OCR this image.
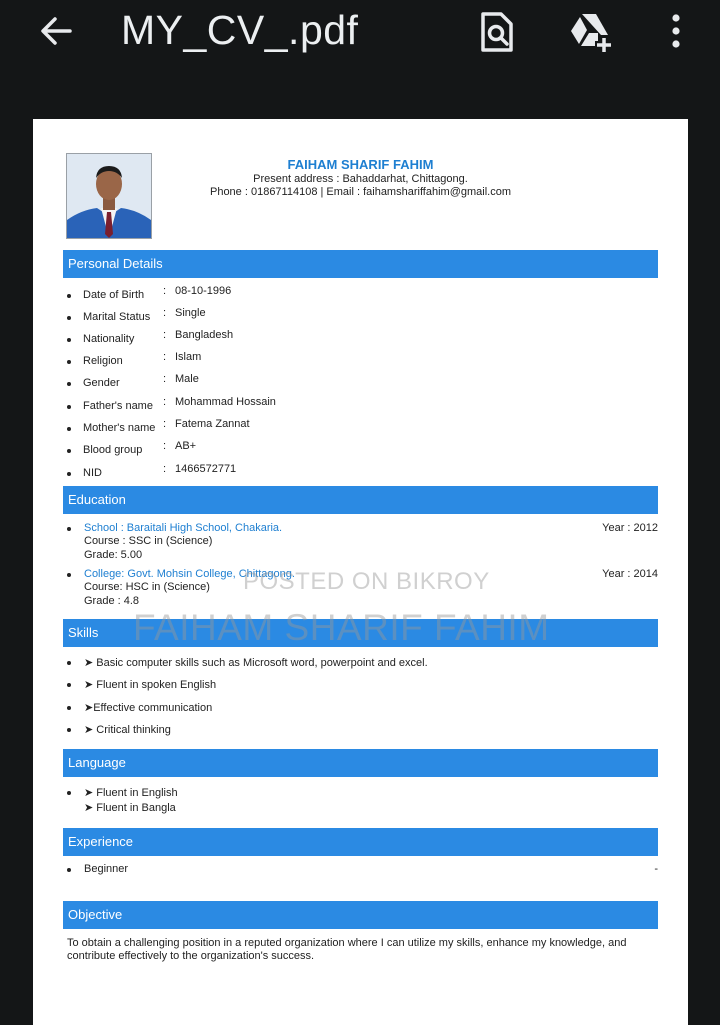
MY_CV_.pdf
FAIHAM SHARIF FAHIM
Present address : Bahaddarhat, Chittagong.
Phone : 01867114108 | Email : faihamshariffahim@gmail.com
Personal Details
Date of Birth : 08-10-1996
Marital Status : Single
Nationality	: Bangladesh
Religion	: Islam
Gender	: Male
Father's name : Mohammad Hossain
Mother's name : Fatema Zannat
Blood group : AB+
NID	: 1466572771
Education
School : Baraitali High School, Chakaria.	Year : 2012
Course : SSC in (Science)
Grade: 5.00
College: Govt. Mohsin College, Chittagong.	Year : 2014
Course: HSC in (Science)
Grade : 4.8
Skills
➤ Basic computer skills such as Microsoft word, powerpoint and excel.
➤ Fluent in spoken English
➤Effective communication
➤ Critical thinking
Language
➤ Fluent in English
➤ Fluent in Bangla
Experience
Beginner	-
Objective
To obtain a challenging position in a reputed organization where I can utilize my skills, enhance my knowledge, and contribute effectively to the organization's success.
POSTED ON BIKROY
FAIHAM SHARIF FAHIM
